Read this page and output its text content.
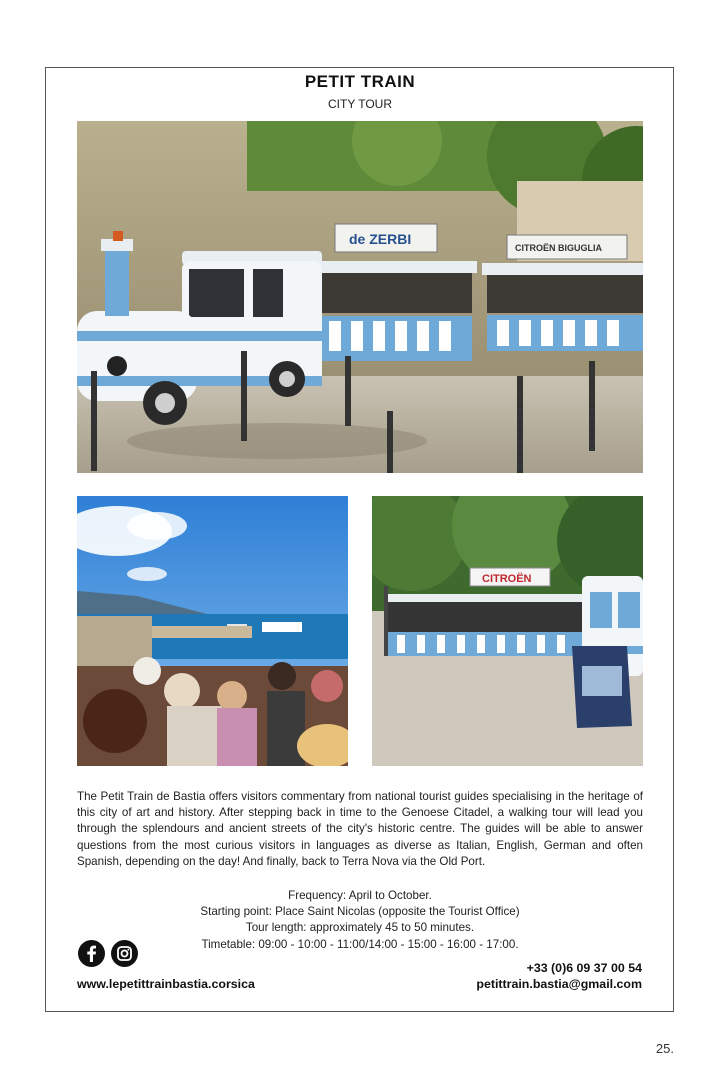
PETIT TRAIN
CITY TOUR
de ZERBI
CITROËN BIGUGLIA
CITROËN
The Petit Train de Bastia offers visitors commentary from national tourist guides specialising in the heritage of this city of art and history. After stepping back in time to the Genoese Citadel, a walking tour will lead you through the splendours and ancient streets of the city's historic centre. The guides will be able to answer questions from the most curious visitors in languages as diverse as Italian, English, German and often Spanish, depending on the day! And finally, back to Terra Nova via the Old Port.
Frequency: April to October.
Starting point: Place Saint Nicolas (opposite the Tourist Office)
Tour length: approximately 45 to 50 minutes.
Timetable: 09:00 - 10:00 - 11:00/14:00 - 15:00 - 16:00 - 17:00.
www.lepetittrainbastia.corsica
+33 (0)6 09 37 00 54
petittrain.bastia@gmail.com
25.
